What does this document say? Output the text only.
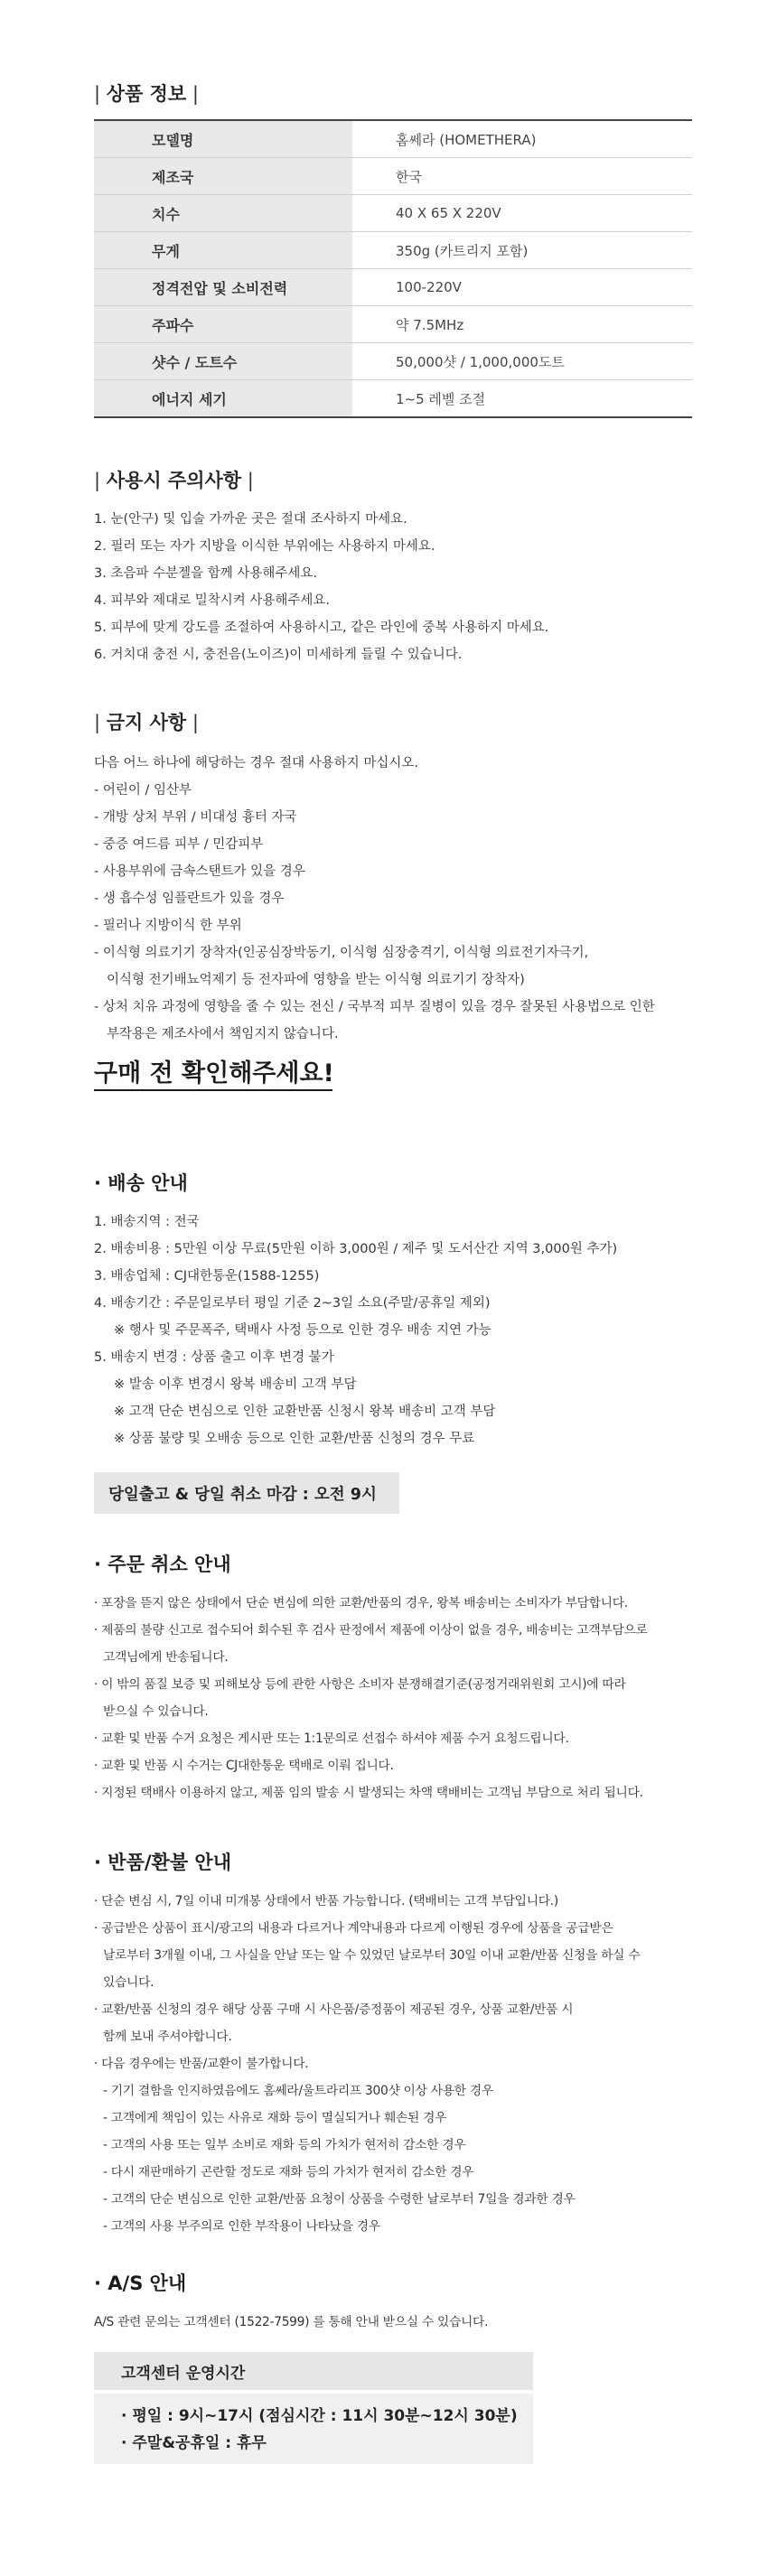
| 상품 정보 |
모델명	홈쎄라 (HOMETHERA)
제조국	한국
치수	40 X 65 X 220V
무게	350g (카트리지 포함)
정격전압 및 소비전력	100-220V
주파수	약 7.5MHz
샷수 / 도트수	50,000샷 / 1,000,000도트
에너지 세기	1~5 레벨 조절
| 사용시 주의사항 |
1. 눈(안구) 및 입술 가까운 곳은 절대 조사하지 마세요.
2. 필러 또는 자가 지방을 이식한 부위에는 사용하지 마세요.
3. 초음파 수분젤을 함께 사용해주세요.
4. 피부와 제대로 밀착시켜 사용해주세요.
5. 피부에 맞게 강도를 조절하여 사용하시고, 같은 라인에 중복 사용하지 마세요.
6. 거치대 충전 시, 충전음(노이즈)이 미세하게 들릴 수 있습니다.
| 금지 사항 |
다음 어느 하나에 해당하는 경우 절대 사용하지 마십시오.
- 어린이 / 임산부
- 개방 상처 부위 / 비대성 흉터 자국
- 중증 여드름 피부 / 민감피부
- 사용부위에 금속스탠트가 있을 경우
- 생 흡수성 임플란트가 있을 경우
- 필러나 지방이식 한 부위
- 이식형 의료기기 장착자(인공심장박동기, 이식형 심장충격기, 이식형 의료전기자극기,
이식형 전기배뇨억제기 등 전자파에 영향을 받는 이식형 의료기기 장착자)
- 상처 치유 과정에 영향을 줄 수 있는 전신 / 국부적 피부 질병이 있을 경우 잘못된 사용법으로 인한
부작용은 제조사에서 책임지지 않습니다.
구매 전 확인해주세요!
· 배송 안내
1. 배송지역 : 전국
2. 배송비용 : 5만원 이상 무료(5만원 이하 3,000원 / 제주 및 도서산간 지역 3,000원 추가)
3. 배송업체 : CJ대한통운(1588-1255)
4. 배송기간 : 주문일로부터 평일 기준 2~3일 소요(주말/공휴일 제외)
※ 행사 및 주문폭주, 택배사 사정 등으로 인한 경우 배송 지연 가능
5. 배송지 변경 : 상품 출고 이후 변경 불가
※ 발송 이후 변경시 왕복 배송비 고객 부담
※ 고객 단순 변심으로 인한 교환반품 신청시 왕복 배송비 고객 부담
※ 상품 불량 및 오배송 등으로 인한 교환/반품 신청의 경우 무료
당일출고 & 당일 취소 마감 : 오전 9시
· 주문 취소 안내
· 포장을 뜯지 않은 상태에서 단순 변심에 의한 교환/반품의 경우, 왕복 배송비는 소비자가 부담합니다.
· 제품의 불량 신고로 접수되어 회수된 후 검사 판정에서 제품에 이상이 없을 경우, 배송비는 고객부담으로
고객님에게 반송됩니다.
· 이 밖의 품질 보증 및 피해보상 등에 관한 사항은 소비자 분쟁해결기준(공정거래위원회 고시)에 따라
받으실 수 있습니다.
· 교환 및 반품 수거 요청은 게시판 또는 1:1문의로 선접수 하셔야 제품 수거 요청드립니다.
· 교환 및 반품 시 수거는 CJ대한통운 택배로 이뤄 집니다.
· 지정된 택배사 이용하지 않고, 제품 임의 발송 시 발생되는 차액 택배비는 고객님 부담으로 처리 됩니다.
· 반품/환불 안내
· 단순 변심 시, 7일 이내 미개봉 상태에서 반품 가능합니다. (택배비는 고객 부담입니다.)
· 공급받은 상품이 표시/광고의 내용과 다르거나 계약내용과 다르게 이행된 경우에 상품을 공급받은
날로부터 3개월 이내, 그 사실을 안날 또는 알 수 있었던 날로부터 30일 이내 교환/반품 신청을 하실 수
있습니다.
· 교환/반품 신청의 경우 해당 상품 구매 시 사은품/증정품이 제공된 경우, 상품 교환/반품 시
함께 보내 주셔야합니다.
· 다음 경우에는 반품/교환이 불가합니다.
- 기기 결함을 인지하였음에도 홈쎄라/울트라리프 300샷 이상 사용한 경우
- 고객에게 책임이 있는 사유로 재화 등이 멸실되거나 훼손된 경우
- 고객의 사용 또는 일부 소비로 재화 등의 가치가 현저히 감소한 경우
- 다시 재판매하기 곤란할 정도로 재화 등의 가치가 현저히 감소한 경우
- 고객의 단순 변심으로 인한 교환/반품 요청이 상품을 수령한 날로부터 7일을 경과한 경우
- 고객의 사용 부주의로 인한 부작용이 나타났을 경우
· A/S 안내
A/S 관련 문의는 고객센터 (1522-7599) 를 통해 안내 받으실 수 있습니다.
고객센터 운영시간
· 평일 : 9시~17시 (점심시간 : 11시 30분~12시 30분)
· 주말&공휴일 : 휴무
